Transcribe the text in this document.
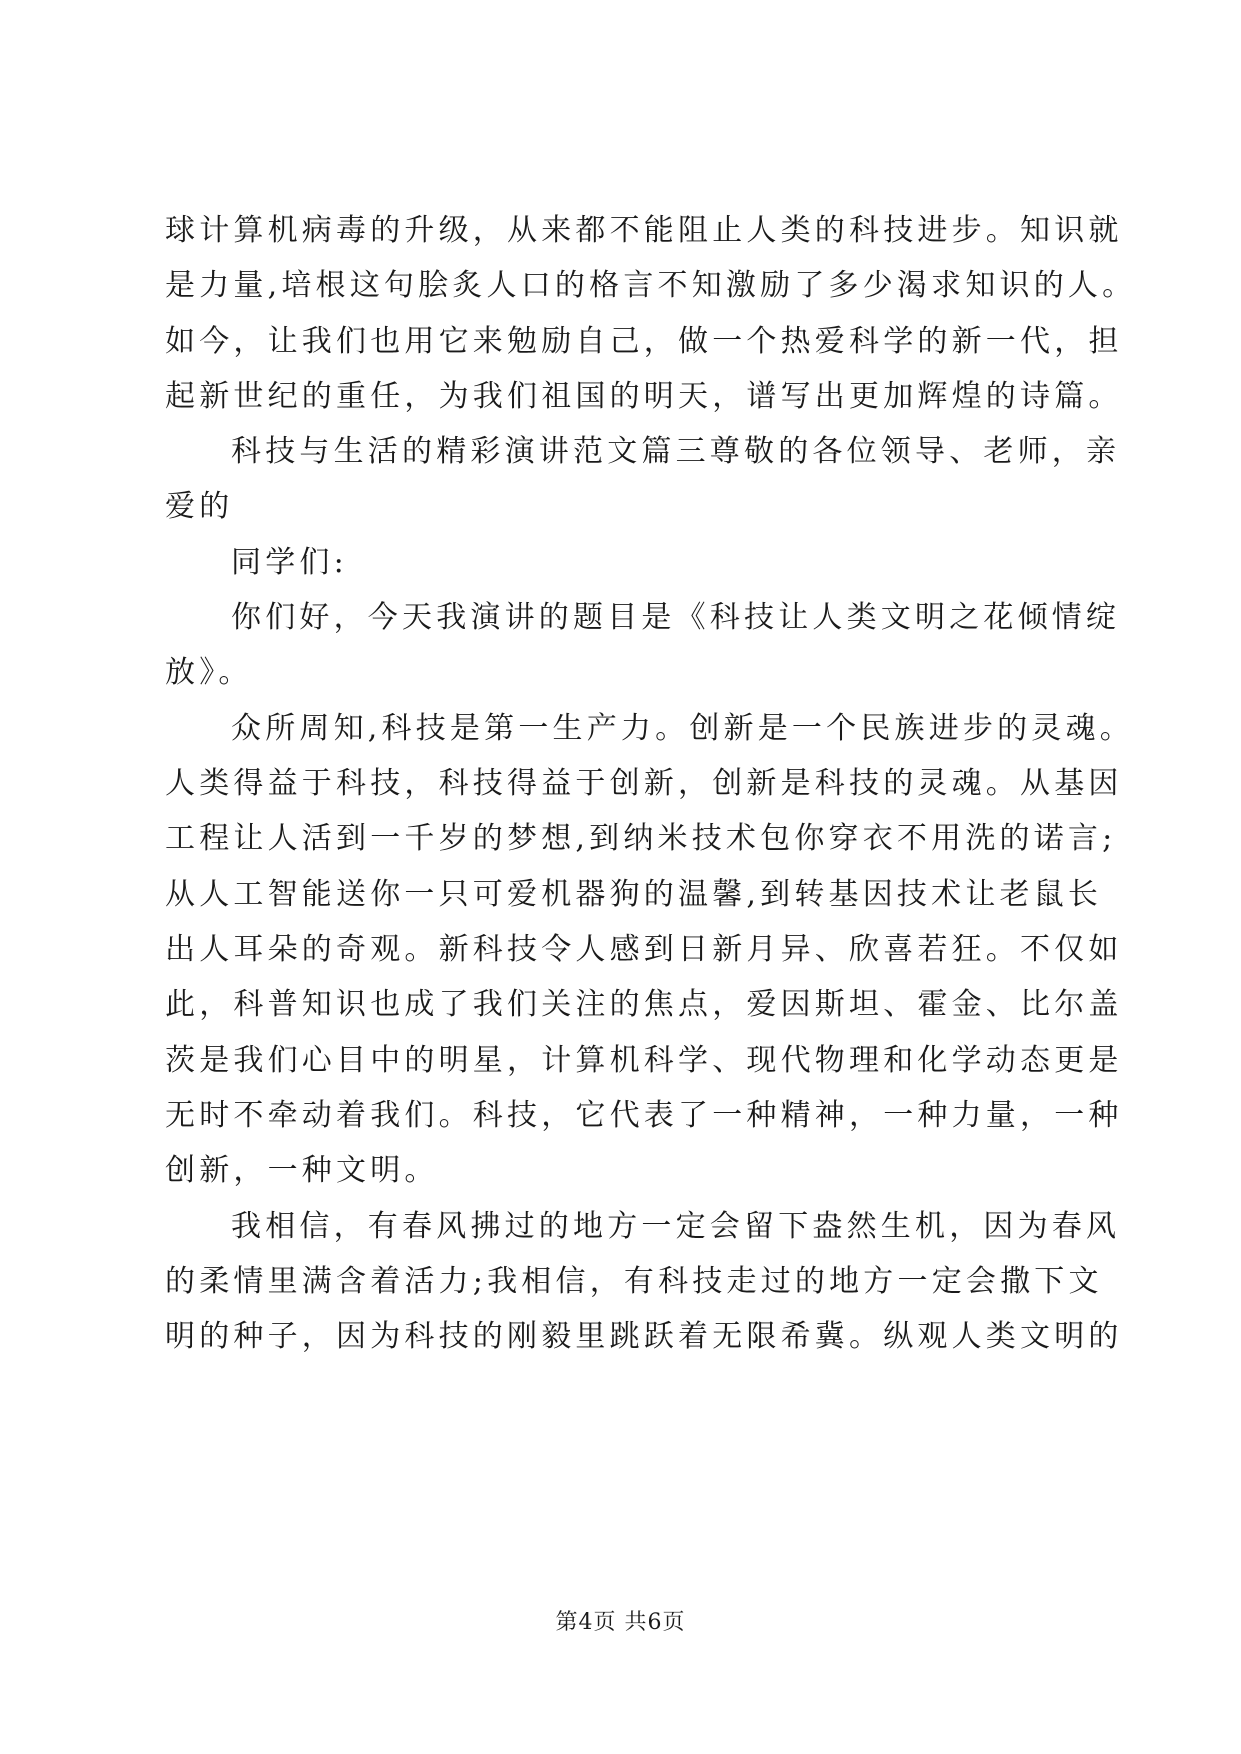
球计算机病毒的升级，从来都不能阻止人类的科技进步。知识就
是力量,培根这句脍炙人口的格言不知激励了多少渴求知识的人。
如今，让我们也用它来勉励自己，做一个热爱科学的新一代，担
起新世纪的重任，为我们祖国的明天，谱写出更加辉煌的诗篇。
科技与生活的精彩演讲范文篇三尊敬的各位领导、老师，亲
爱的
同学们:
你们好，今天我演讲的题目是《科技让人类文明之花倾情绽
放》。
众所周知,科技是第一生产力。创新是一个民族进步的灵魂。
人类得益于科技，科技得益于创新，创新是科技的灵魂。从基因
工程让人活到一千岁的梦想,到纳米技术包你穿衣不用洗的诺言;
从人工智能送你一只可爱机器狗的温馨,到转基因技术让老鼠长
出人耳朵的奇观。新科技令人感到日新月异、欣喜若狂。不仅如
此，科普知识也成了我们关注的焦点，爱因斯坦、霍金、比尔盖
茨是我们心目中的明星，计算机科学、现代物理和化学动态更是
无时不牵动着我们。科技，它代表了一种精神，一种力量，一种
创新，一种文明。
我相信，有春风拂过的地方一定会留下盎然生机，因为春风
的柔情里满含着活力;我相信，有科技走过的地方一定会撒下文
明的种子，因为科技的刚毅里跳跃着无限希冀。纵观人类文明的
第4页 共6页
